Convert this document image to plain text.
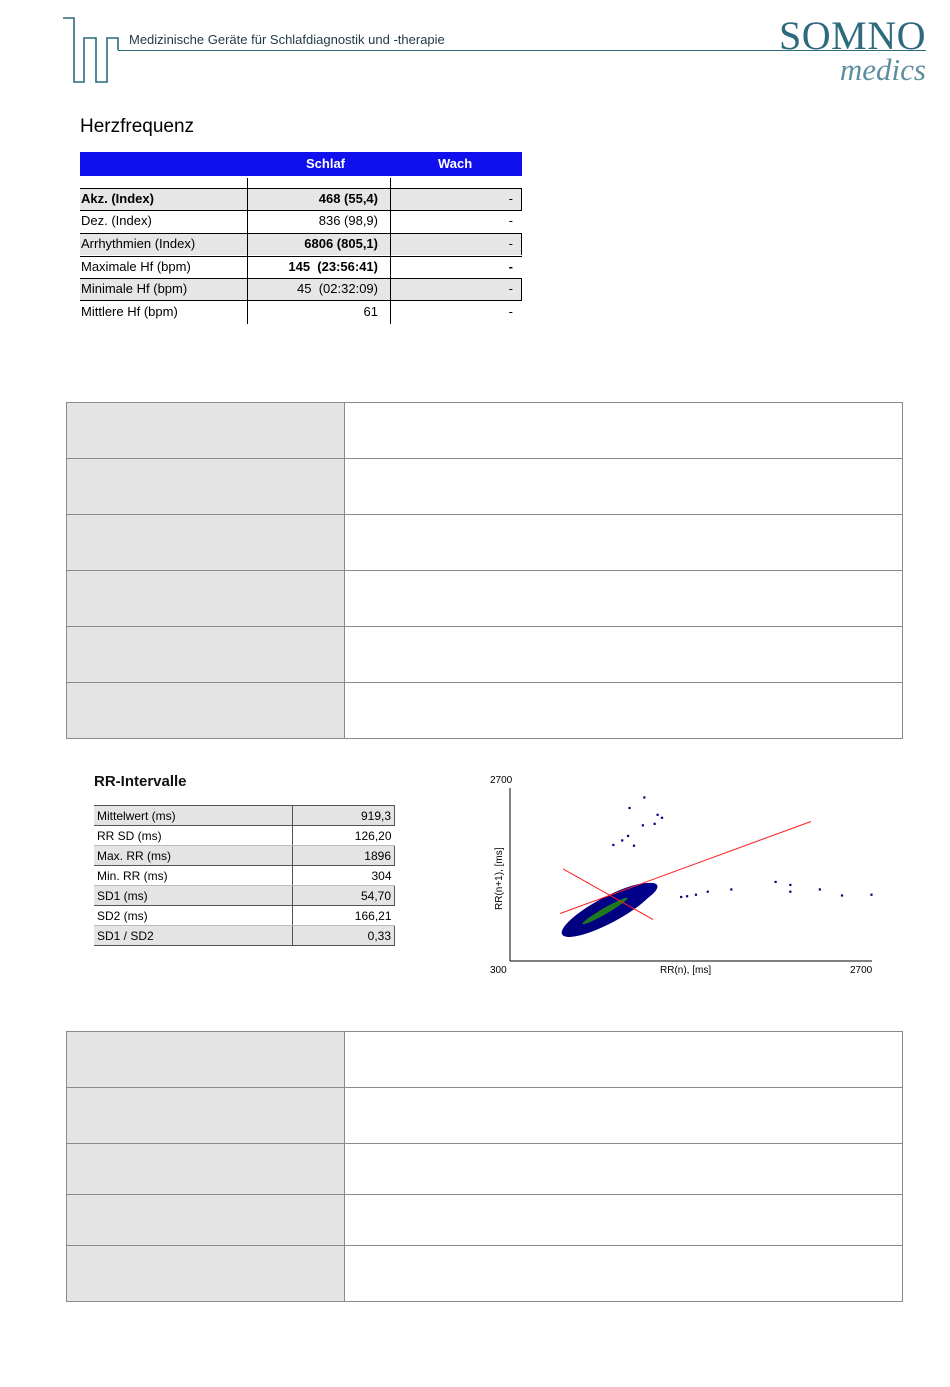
Medizinische Geräte für Schlafdiagnostik und -therapie	SOMNO
medics
Herzfrequenz
Schlaf	Wach
Akz. (Index)	468 (55,4)	-
Dez. (Index)	836 (98,9)	-
Arrhythmien (Index)	6806 (805,1)	-
Maximale Hf (bpm)	145  (23:56:41)	-
Minimale Hf (bpm)	45  (02:32:09)	-
Mittlere Hf (bpm)	61	-

RR-Intervalle
Mittelwert (ms)	919,3
RR SD (ms)	126,20
Max. RR (ms)	1896
Min. RR (ms)	304
SD1 (ms)	54,70
SD2 (ms)	166,21
SD1 / SD2	0,33
2700
300	2700
RR(n+1), [ms]
RR(n), [ms]
